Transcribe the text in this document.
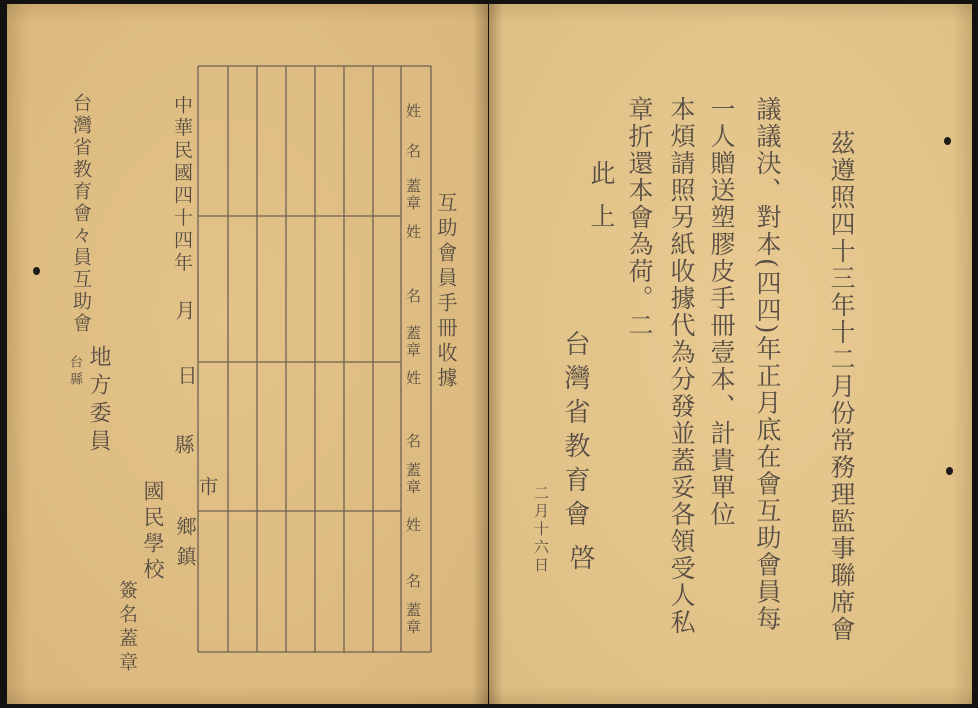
台灣省教育會々員互助會
台縣 地方委員
簽名蓋章
國民學校
中華民國四十四年
月
日
縣
市
鄉鎮
姓
名
蓋章
姓
名
蓋章
姓
名
蓋章
姓
名
蓋章
互助會員手冊收據	茲遵照四十三年十二月份常務理監事聯席會
議議決、對本(四四)年正月底在會互助會員每
一人贈送塑膠皮手冊壹本、計貴單位
本煩請照另紙收據代為分發並蓋妥各領受人私
章折還本會為荷。二
此上
台灣省教育會
啓
二月十六日
